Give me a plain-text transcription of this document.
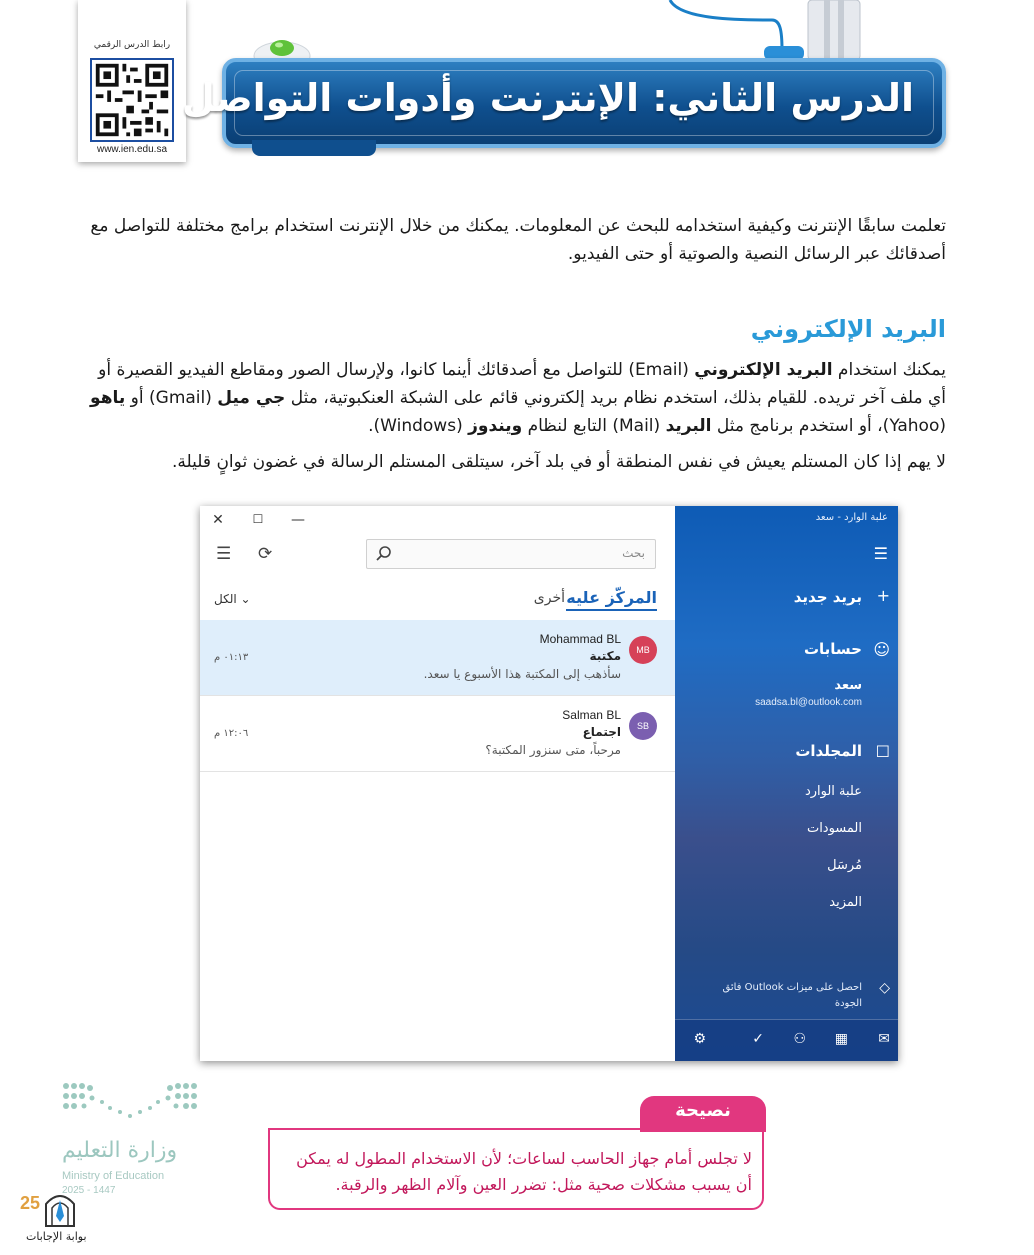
رابط الدرس الرقمي
www.ien.edu.sa
الدرس الثاني: الإنترنت وأدوات التواصل

تعلمت سابقًا الإنترنت وكيفية استخدامه للبحث عن المعلومات. يمكنك من خلال الإنترنت استخدام برامج مختلفة للتواصل مع أصدقائك عبر الرسائل النصية والصوتية أو حتى الفيديو.

البريد الإلكتروني

يمكنك استخدام البريد الإلكتروني (Email) للتواصل مع أصدقائك أينما كانوا، ولإرسال الصور ومقاطع الفيديو القصيرة أو أي ملف آخر تريده. للقيام بذلك، استخدم نظام بريد إلكتروني قائم على الشبكة العنكبوتية، مثل جي ميل (Gmail) أو ياهو (Yahoo)، أو استخدم برنامج مثل البريد (Mail) التابع لنظام ويندوز (Windows).

لا يهم إذا كان المستلم يعيش في نفس المنطقة أو في بلد آخر، سيتلقى المستلم الرسالة في غضون ثوانٍ قليلة.

✕	☐	—
☰ ⟳	بحث
المركّز عليه
أخرى
⌄ الكل
MB
Mohammad BL
مكتبة
سأذهب إلى المكتبة هذا الأسبوع يا سعد.
٠١:١٣ م
SB
Salman BL
اجتماع
مرحباً، متى سنزور المكتبة؟
١٢:٠٦ م
علبة الوارد - سعد
☰
+
بريد جديد
☺
حسابات
سعد
saadsa.bl@outlook.com
☐
المجلدات
علبة الوارد
المسودات
مُرسَل
المزيد
◇
احصل على ميزات Outlook فائق الجودة
✉
▦
⚇
✓
⚙
وزارة التعليم
Ministry of Education
2025 - 1447
25
بوابة الإجابات
نصيحة
لا تجلس أمام جهاز الحاسب لساعات؛ لأن الاستخدام المطول له يمكن أن يسبب مشكلات صحية مثل: تضرر العين وآلام الظهر والرقبة.
